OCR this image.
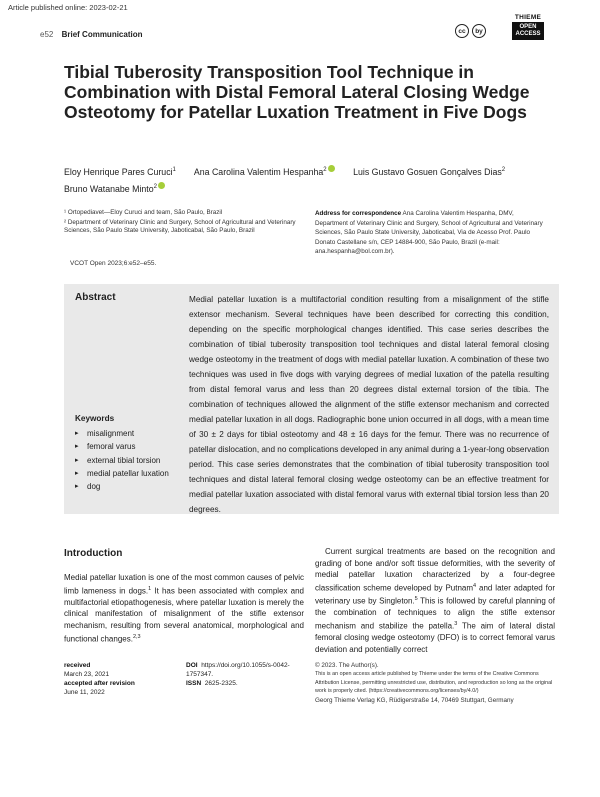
Article published online: 2023-02-21
e52 Brief Communication	cc	by
THIEME
OPEN ACCESS
Tibial Tuberosity Transposition Tool Technique in Combination with Distal Femoral Lateral Closing Wedge Osteotomy for Patellar Luxation Treatment in Five Dogs
Eloy Henrique Pares Curuci$^1$ Ana Carolina Valentim Hespanha$^2$	Luis Gustavo Gosuen Gonçalves Dias$^2$
Bruno Watanabe Minto$^2$

¹ Ortopediavet—Eloy Curuci and team, São Paulo, Brazil

² Department of Veterinary Clinic and Surgery, School of Agricultural and Veterinary Sciences, São Paulo State University, Jaboticabal, São Paulo, Brazil

VCOT Open 2023;6:e52–e55.
Address for correspondence Ana Carolina Valentim Hespanha, DMV, Department of Veterinary Clinic and Surgery, School of Agricultural and Veterinary Sciences, São Paulo State University, Jaboticabal, Via de Acesso Prof. Paulo Donato Castellane s/n, CEP 14884-900, São Paulo, Brazil (e-mail: ana.hespanha@bol.com.br).
Abstract	Medial patellar luxation is a multifactorial condition resulting from a misalignment of the stifle extensor mechanism. Several techniques have been described for correcting this condition, depending on the specific morphological changes identified. This case series describes the combination of tibial tuberosity transposition tool techniques and distal lateral femoral closing wedge osteotomy in the treatment of dogs with medial patellar luxation. A combination of these two techniques was used in five dogs with varying degrees of medial luxation of the patella resulting from distal femoral varus and less than 20 degrees distal external torsion of the tibia. The combination of techniques allowed the alignment of the stifle extensor mechanism and corrected medial patellar luxation in all dogs. Radiographic bone union occurred in all dogs, with a mean time of 30 ± 2 days for tibial osteotomy and 48 ± 16 days for the femur. There was no recurrence of patellar dislocation, and no complications developed in any animal during a 1-year-long observation period. This case series demonstrates that the combination of tibial tuberosity transposition tool techniques and distal lateral femoral closing wedge osteotomy can be an effective treatment for medial patellar luxation associated with distal femoral varus with external tibial torsion less than 20 degrees.
Keywords
▸ misalignment
▸ femoral varus
▸ external tibial torsion
▸ medial patellar luxation
▸ dog
Introduction

Medial patellar luxation is one of the most common causes of pelvic limb lameness in dogs.$^1$ It has been associated with complex and multifactorial etiopathogenesis, where patellar luxation is merely the clinical manifestation of misalignment of the stifle extensor mechanism, resulting from several anatomical, morphological and functional changes.$^{2,3}$

Current surgical treatments are based on the recognition and grading of bone and/or soft tissue deformities, with the severity of medial patellar luxation characterized by a four-degree classification scheme developed by Putnam$^4$ and later adapted for veterinary use by Singleton.$^5$ This is followed by careful planning of the combination of techniques to align the stifle extensor mechanism and stabilize the patella.$^3$ The aim of lateral distal femoral closing wedge osteotomy (DFO) is to correct femoral varus deviation and potentially correct

received
March 23, 2021
accepted after revision
June 11, 2022
DOI https://doi.org/10.1055/s-0042-1757347.
ISSN 2625-2325.
© 2023. The Author(s).
This is an open access article published by Thieme under the terms of the Creative Commons Attribution License, permitting unrestricted use, distribution, and reproduction so long as the original work is properly cited. (https://creativecommons.org/licenses/by/4.0/)
Georg Thieme Verlag KG, Rüdigerstraße 14, 70469 Stuttgart, Germany
